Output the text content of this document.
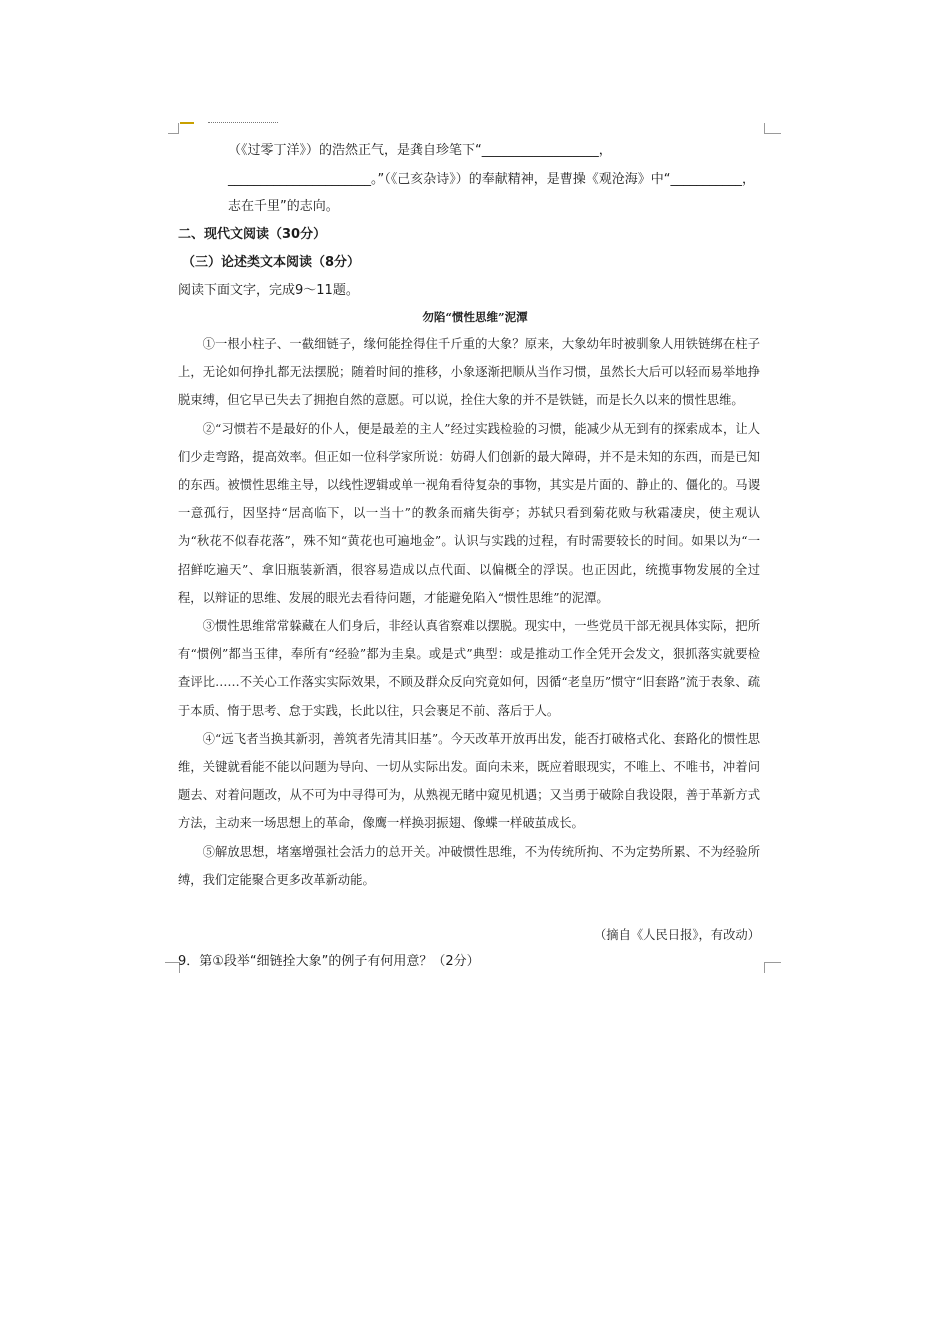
（《过零丁洋》）的浩然正气，是龚自珍笔下“__________________，
______________________。”（《己亥杂诗》）的奉献精神，是曹操《观沧海》中“___________，
志在千里”的志向。
二、现代文阅读（30分）
（三）论述类文本阅读（8分）
阅读下面文字，完成9～11题。
勿陷“惯性思维”泥潭

①一根小柱子、一截细链子，缘何能拴得住千斤重的大象？原来，大象幼年时被驯象人用铁链绑在柱子上，无论如何挣扎都无法摆脱；随着时间的推移，小象逐渐把顺从当作习惯，虽然长大后可以轻而易举地挣脱束缚，但它早已失去了拥抱自然的意愿。可以说，拴住大象的并不是铁链，而是长久以来的惯性思维。

②“习惯若不是最好的仆人，便是最差的主人”经过实践检验的习惯，能减少从无到有的探索成本，让人们少走弯路，提高效率。但正如一位科学家所说：妨碍人们创新的最大障碍，并不是未知的东西，而是已知的东西。被惯性思维主导，以线性逻辑或单一视角看待复杂的事物，其实是片面的、静止的、僵化的。马谡一意孤行，因坚持“居高临下，以一当十”的教条而痛失街亭；苏轼只看到菊花败与秋霜凄戾，使主观认为“秋花不似春花落”，殊不知“黄花也可遍地金”。认识与实践的过程，有时需要较长的时间。如果以为“一招鲜吃遍天”、拿旧瓶装新酒，很容易造成以点代面、以偏概全的浮误。也正因此，统揽事物发展的全过程，以辩证的思维、发展的眼光去看待问题，才能避免陷入“惯性思维”的泥潭。

③惯性思维常常躲藏在人们身后，非经认真省察难以摆脱。现实中，一些党员干部无视具体实际，把所有“惯例”都当玉律，奉所有“经验”都为圭臬。或是式”典型：或是推动工作全凭开会发文，狠抓落实就要检查评比……不关心工作落实实际效果，不顾及群众反向究竟如何，因循“老皇历”惯守“旧套路”流于表象、疏于本质、惰于思考、怠于实践，长此以往，只会裹足不前、落后于人。

④“远飞者当换其新羽，善筑者先清其旧基”。今天改革开放再出发，能否打破格式化、套路化的惯性思维，关键就看能不能以问题为导向、一切从实际出发。面向未来，既应着眼现实，不唯上、不唯书，冲着问题去、对着问题改，从不可为中寻得可为，从熟视无睹中窥见机遇；又当勇于破除自我设限，善于革新方式方法，主动来一场思想上的革命，像鹰一样换羽振翅、像蝶一样破茧成长。

⑤解放思想，堵塞增强社会活力的总开关。冲破惯性思维，不为传统所拘、不为定势所累、不为经验所缚，我们定能聚合更多改革新动能。

（摘自《人民日报》，有改动）
9．第①段举“细链拴大象”的例子有何用意？（2分）
